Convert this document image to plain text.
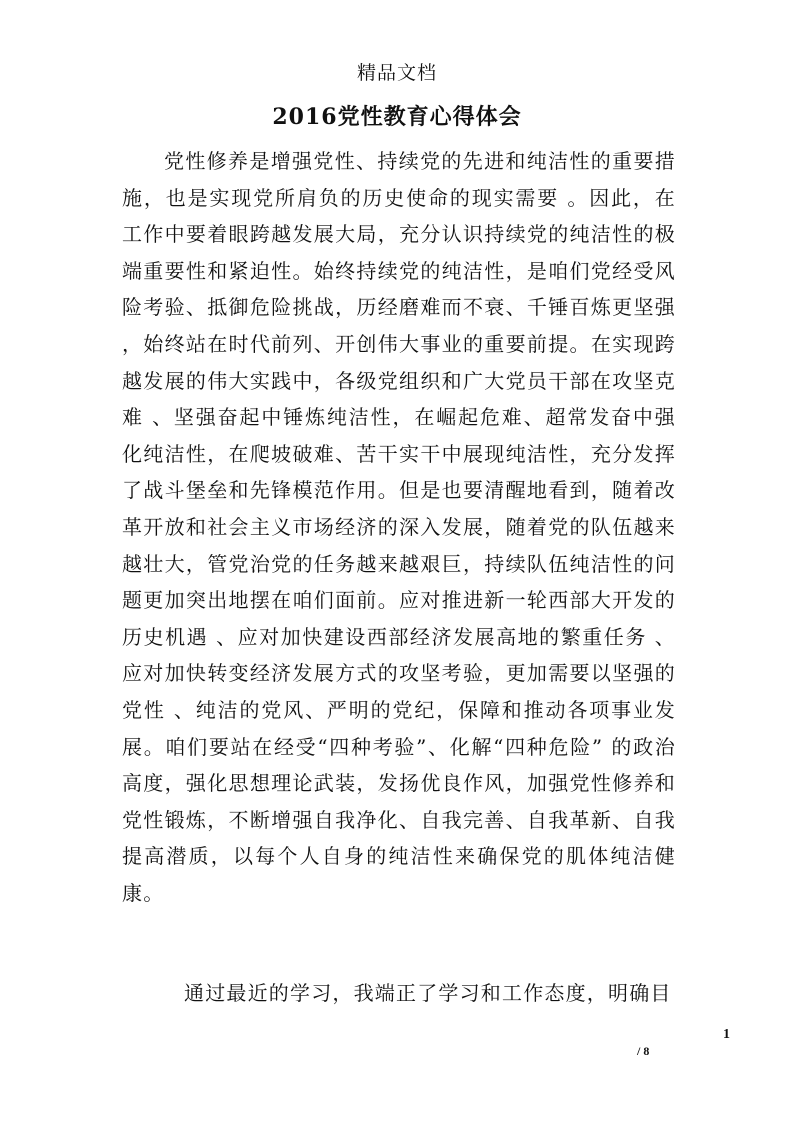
精品文档
2016党性教育心得体会

党性修养是增强党性、持续党的先进和纯洁性的重要措施，也是实现党所肩负的历史使命的现实需要 。因此，在工作中要着眼跨越发展大局，充分认识持续党的纯洁性的极端重要性和紧迫性。始终持续党的纯洁性，是咱们党经受风险考验、抵御危险挑战，历经磨难而不衰、千锤百炼更坚强 ，始终站在时代前列、开创伟大事业的重要前提。在实现跨越发展的伟大实践中，各级党组织和广大党员干部在攻坚克难 、坚强奋起中锤炼纯洁性，在崛起危难、超常发奋中强化纯洁性，在爬坡破难、苦干实干中展现纯洁性，充分发挥了战斗堡垒和先锋模范作用。但是也要清醒地看到，随着改革开放和社会主义市场经济的深入发展，随着党的队伍越来越壮大，管党治党的任务越来越艰巨，持续队伍纯洁性的问题更加突出地摆在咱们面前。应对推进新一轮西部大开发的历史机遇 、应对加快建设西部经济发展高地的繁重任务 、应对加快转变经济发展方式的攻坚考验，更加需要以坚强的党性 、纯洁的党风、严明的党纪，保障和推动各项事业发展。咱们要站在经受“四种考验”、化解“四种危险” 的政治高度，强化思想理论武装，发扬优良作风，加强党性修养和党性锻炼，不断增强自我净化、自我完善、自我革新、自我提高潜质，以每个人自身的纯洁性来确保党的肌体纯洁健康。

通过最近的学习，我端正了学习和工作态度，明确目

1
/ 8
